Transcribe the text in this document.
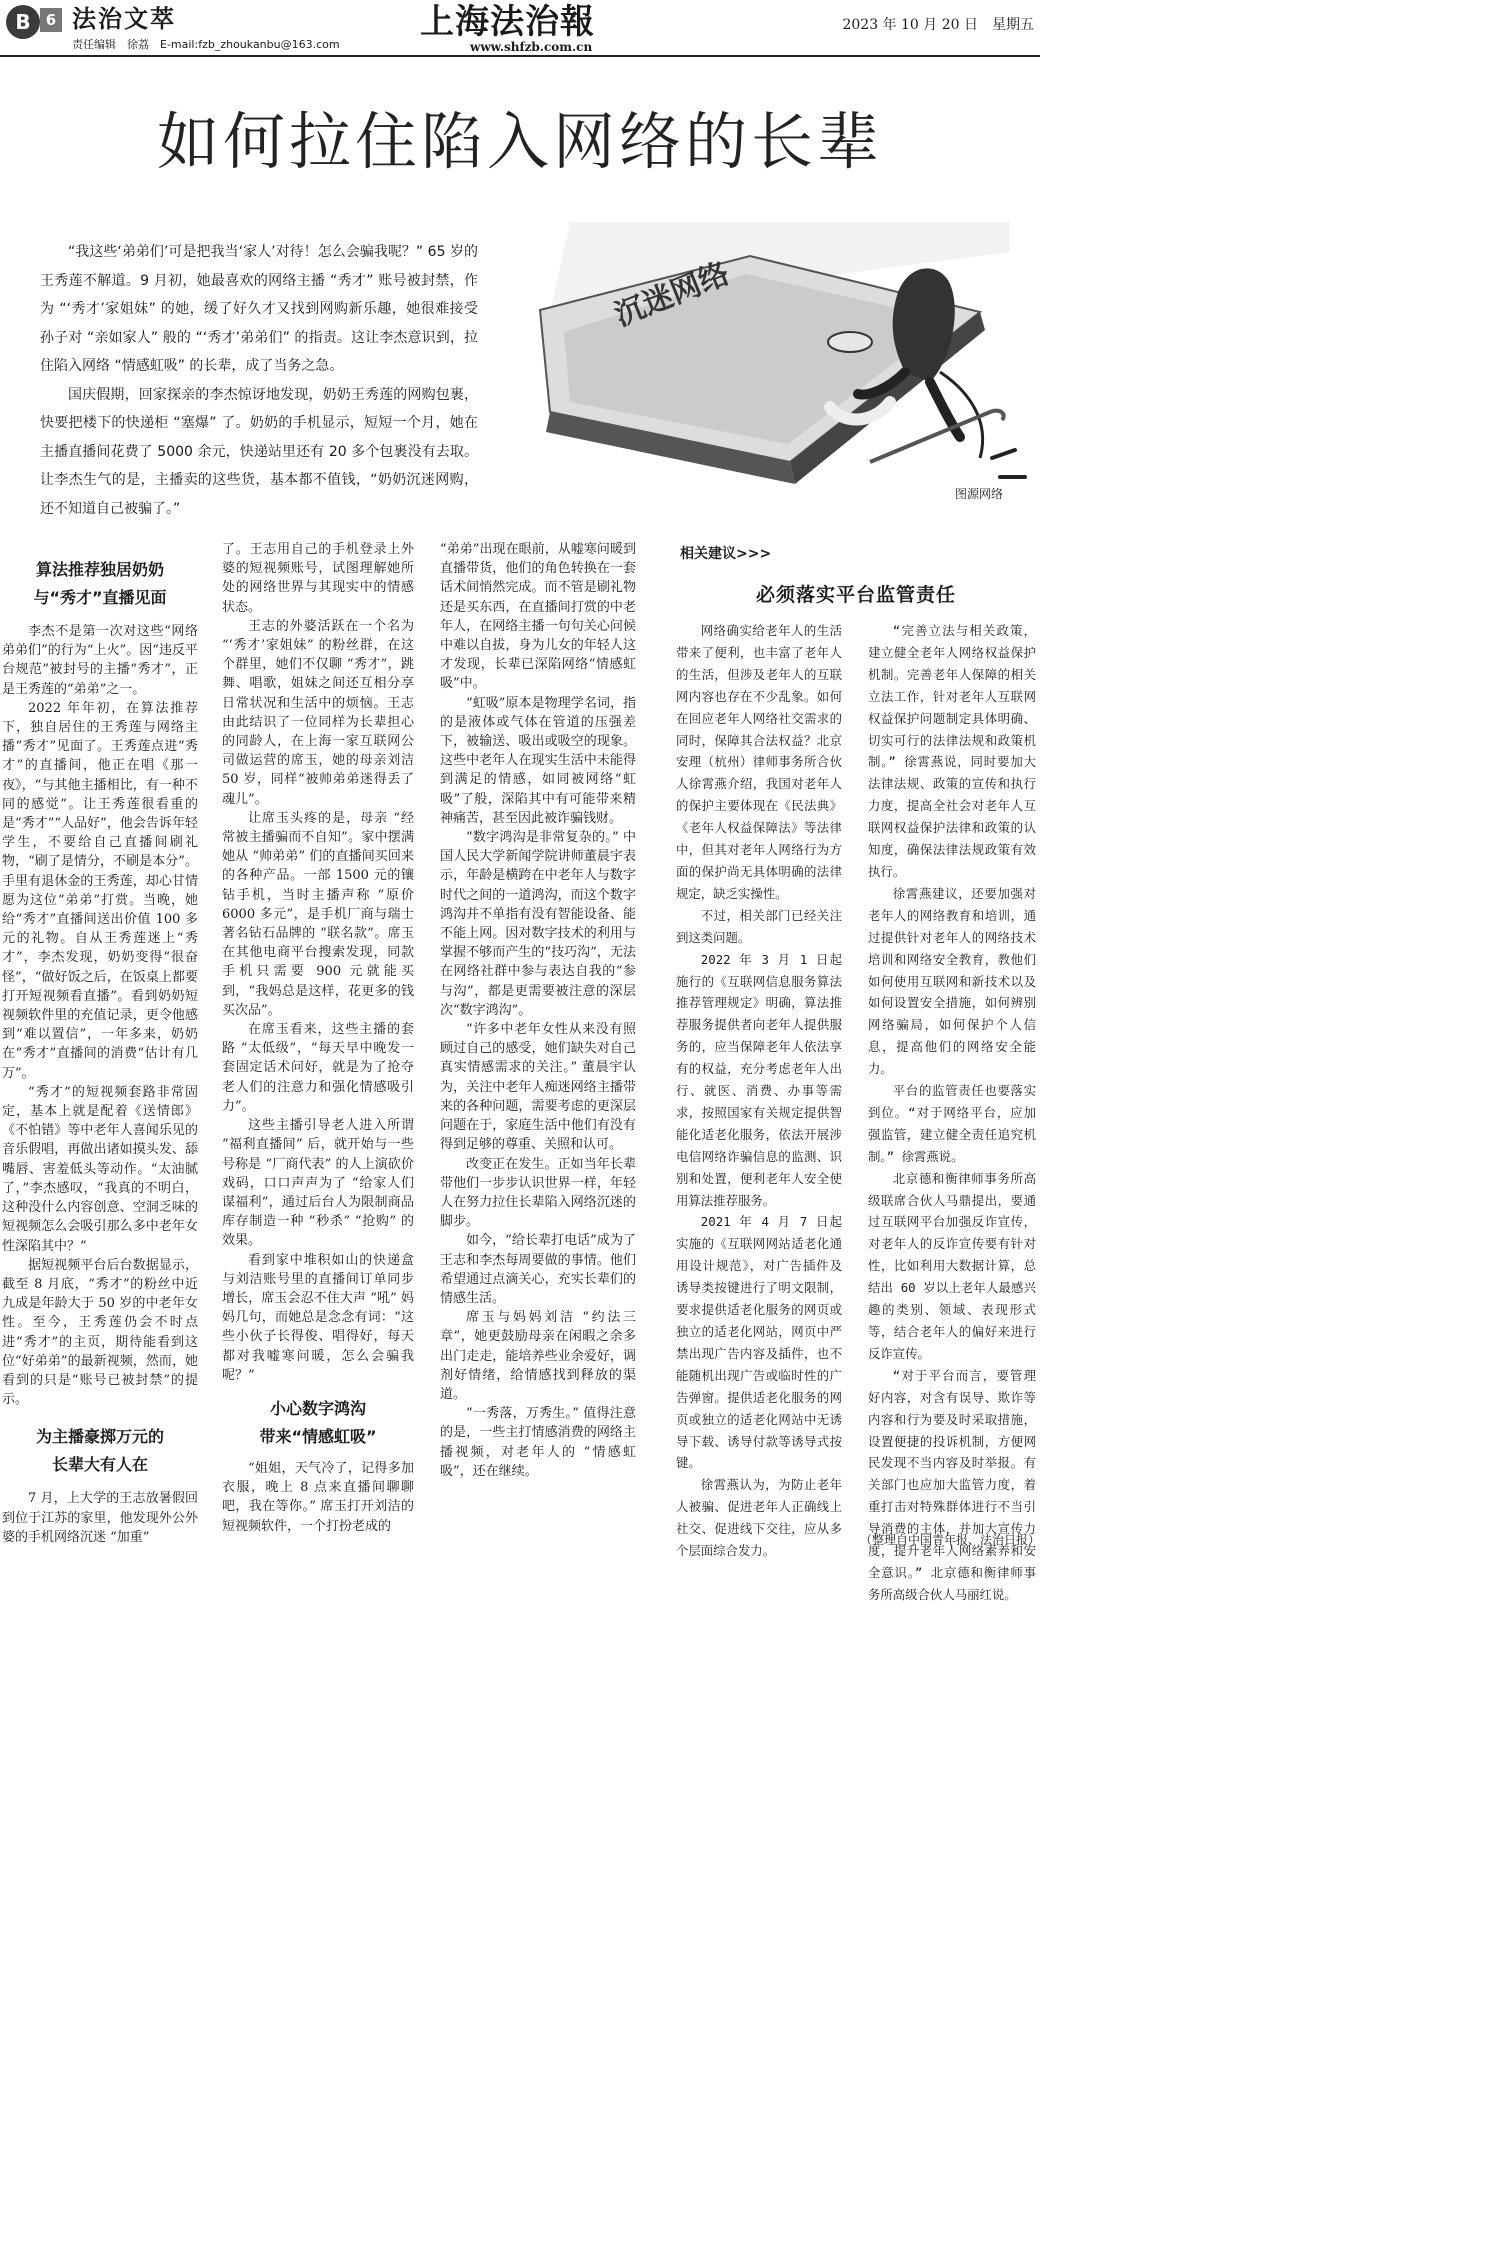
B	6 法治文萃
责任编辑　徐荔　E-mail:fzb_zhoukanbu@163.com
上海法治報
www.shfzb.com.cn
2023 年 10 月 20 日　星期五
如何拉住陷入网络的长辈

“我这些‘弟弟们’可是把我当‘家人’对待！怎么会骗我呢？” 65 岁的王秀莲不解道。9 月初，她最喜欢的网络主播 “秀才” 账号被封禁，作为 “‘秀才’家姐妹” 的她，缓了好久才又找到网购新乐趣，她很难接受孙子对 “亲如家人” 般的 “‘秀才’弟弟们” 的指责。这让李杰意识到，拉住陷入网络 “情感虹吸” 的长辈，成了当务之急。

国庆假期，回家探亲的李杰惊讶地发现，奶奶王秀莲的网购包裹，快要把楼下的快递柜 “塞爆” 了。奶奶的手机显示，短短一个月，她在主播直播间花费了 5000 余元，快递站里还有 20 多个包裹没有去取。让李杰生气的是，主播卖的这些货，基本都不值钱，“奶奶沉迷网购，还不知道自己被骗了。”

沉迷网络
图源网络
算法推荐独居奶奶
与“秀才”直播见面

李杰不是第一次对这些“网络弟弟们”的行为“上火”。因“违反平台规范”被封号的主播“秀才”，正是王秀莲的“弟弟”之一。

2022 年年初，在算法推荐下，独自居住的王秀莲与网络主播“秀才”见面了。王秀莲点进“秀才”的直播间，他正在唱《那一夜》，“与其他主播相比，有一种不同的感觉”。让王秀莲很看重的是“秀才”“人品好”，他会告诉年轻学生，不要给自己直播间刷礼物，“刷了是情分，不刷是本分”。手里有退休金的王秀莲，却心甘情愿为这位“弟弟”打赏。当晚，她给“秀才”直播间送出价值 100 多元的礼物。自从王秀莲迷上“秀才”，李杰发现，奶奶变得“很奋怪”，“做好饭之后，在饭桌上都要打开短视频看直播”。看到奶奶短视频软件里的充值记录，更令他感到“难以置信”，一年多来，奶奶在“秀才”直播间的消费“估计有几万”。

“秀才”的短视频套路非常固定，基本上就是配着《送情郎》《不怕错》等中老年人喜闻乐见的音乐假唱，再做出诸如摸头发、舔嘴唇、害羞低头等动作。“太油腻了，”李杰感叹，“我真的不明白，这种没什么内容创意、空洞乏味的短视频怎么会吸引那么多中老年女性深陷其中？”

据短视频平台后台数据显示，截至 8 月底，“秀才”的粉丝中近九成是年龄大于 50 岁的中老年女性。至今，王秀莲仍会不时点进“秀才”的主页，期待能看到这位“好弟弟”的最新视频，然而，她看到的只是“账号已被封禁”的提示。

为主播豪掷万元的
长辈大有人在

7 月，上大学的王志放暑假回到位于江苏的家里，他发现外公外婆的手机网络沉迷 “加重”

了。王志用自己的手机登录上外婆的短视频账号，试图理解她所处的网络世界与其现实中的情感状态。

王志的外婆活跃在一个名为 “‘秀才’家姐妹” 的粉丝群，在这个群里，她们不仅聊 “秀才”，跳舞、唱歌，姐妹之间还互相分享日常状况和生活中的烦恼。王志由此结识了一位同样为长辈担心的同龄人，在上海一家互联网公司做运营的席玉，她的母亲刘洁 50 岁，同样“被帅弟弟迷得丢了魂儿”。

让席玉头疼的是，母亲 “经常被主播骗而不自知”。家中摆满她从 “帅弟弟” 们的直播间买回来的各种产品。一部 1500 元的镶钻手机，当时主播声称 “原价 6000 多元”，是手机厂商与瑞士著名钻石品牌的 “联名款”。席玉在其他电商平台搜索发现，同款手机只需要 900 元就能买到，“我妈总是这样，花更多的钱买次品”。

在席玉看来，这些主播的套路 “太低级”，“每天早中晚发一套固定话术问好，就是为了抢夺老人们的注意力和强化情感吸引力”。

这些主播引导老人进入所谓 “福利直播间” 后，就开始与一些号称是 “厂商代表” 的人上演砍价戏码，口口声声为了 “给家人们谋福利”，通过后台人为限制商品库存制造一种 “秒杀” “抢购” 的效果。

看到家中堆积如山的快递盒与刘洁账号里的直播间订单同步增长，席玉会忍不住大声 “吼” 妈妈几句，而她总是念念有词：“这些小伙子长得俊、唱得好，每天都对我嘘寒问暖，怎么会骗我呢？”

小心数字鸿沟
带来“情感虹吸”

“姐姐，天气冷了，记得多加衣服，晚上 8 点来直播间聊聊吧，我在等你。” 席玉打开刘洁的短视频软件，一个打扮老成的

“弟弟”出现在眼前，从嘘寒问暖到直播带货，他们的角色转换在一套话术间悄然完成。而不管是刷礼物还是买东西，在直播间打赏的中老年人，在网络主播一句句关心问候中难以自拔，身为儿女的年轻人这才发现，长辈已深陷网络“情感虹吸”中。

“虹吸”原本是物理学名词，指的是液体或气体在管道的压强差下，被输送、吸出或吸空的现象。这些中老年人在现实生活中未能得到满足的情感，如同被网络“虹吸”了般，深陷其中有可能带来精神痛苦，甚至因此被诈骗钱财。

“数字鸿沟是非常复杂的。” 中国人民大学新闻学院讲师董晨宇表示，年龄是横跨在中老年人与数字时代之间的一道鸿沟，而这个数字鸿沟并不单指有没有智能设备、能不能上网。因对数字技术的利用与掌握不够而产生的“技巧沟”，无法在网络社群中参与表达自我的“参与沟”，都是更需要被注意的深层次“数字鸿沟”。

“许多中老年女性从来没有照顾过自己的感受，她们缺失对自己真实情感需求的关注。” 董晨宇认为，关注中老年人痴迷网络主播带来的各种问题，需要考虑的更深层问题在于，家庭生活中他们有没有得到足够的尊重、关照和认可。

改变正在发生。正如当年长辈带他们一步步认识世界一样，年轻人在努力拉住长辈陷入网络沉迷的脚步。

如今，“给长辈打电话”成为了王志和李杰每周要做的事情。他们希望通过点滴关心，充实长辈们的情感生活。

席玉与妈妈刘洁 “约法三章”，她更鼓励母亲在闲暇之余多出门走走，能培养些业余爱好，调剂好情绪，给情感找到释放的渠道。

“一秀落，万秀生。” 值得注意的是，一些主打情感消费的网络主播视频，对老年人的 “情感虹吸”，还在继续。

相关建议>>>
必须落实平台监管责任

网络确实给老年人的生活带来了便利，也丰富了老年人的生活，但涉及老年人的互联网内容也存在不少乱象。如何在回应老年人网络社交需求的同时，保障其合法权益？北京安理（杭州）律师事务所合伙人徐霄燕介绍，我国对老年人的保护主要体现在《民法典》《老年人权益保障法》等法律中，但其对老年人网络行为方面的保护尚无具体明确的法律规定，缺乏实操性。

不过，相关部门已经关注到这类问题。

2022 年 3 月 1 日起施行的《互联网信息服务算法推荐管理规定》明确，算法推荐服务提供者向老年人提供服务的，应当保障老年人依法享有的权益，充分考虑老年人出行、就医、消费、办事等需求，按照国家有关规定提供智能化适老化服务，依法开展涉电信网络诈骗信息的监测、识别和处置，便利老年人安全使用算法推荐服务。

2021 年 4 月 7 日起实施的《互联网网站适老化通用设计规范》，对广告插件及诱导类按键进行了明文限制，要求提供适老化服务的网页或独立的适老化网站，网页中严禁出现广告内容及插件，也不能随机出现广告或临时性的广告弹窗。提供适老化服务的网页或独立的适老化网站中无诱导下载、诱导付款等诱导式按键。

徐霄燕认为，为防止老年人被骗、促进老年人正确线上社交、促进线下交往，应从多个层面综合发力。

“完善立法与相关政策，建立健全老年人网络权益保护机制。完善老年人保障的相关立法工作，针对老年人互联网权益保护问题制定具体明确、切实可行的法律法规和政策机制。” 徐霄燕说，同时要加大法律法规、政策的宣传和执行力度，提高全社会对老年人互联网权益保护法律和政策的认知度，确保法律法规政策有效执行。

徐霄燕建议，还要加强对老年人的网络教育和培训，通过提供针对老年人的网络技术培训和网络安全教育，教他们如何使用互联网和新技术以及如何设置安全措施，如何辨别网络骗局，如何保护个人信息，提高他们的网络安全能力。

平台的监管责任也要落实到位。“对于网络平台，应加强监管，建立健全责任追究机制。” 徐霄燕说。

北京德和衡律师事务所高级联席合伙人马鼎提出，要通过互联网平台加强反诈宣传，对老年人的反诈宣传要有针对性，比如利用大数据计算，总结出 60 岁以上老年人最感兴趣的类别、领域、表现形式等，结合老年人的偏好来进行反诈宣传。

“对于平台而言，要管理好内容，对含有误导、欺诈等内容和行为要及时采取措施，设置便捷的投诉机制，方便网民发现不当内容及时举报。有关部门也应加大监管力度，着重打击对特殊群体进行不当引导消费的主体，并加大宣传力度，提升老年人网络素养和安全意识。” 北京德和衡律师事务所高级合伙人马丽红说。

（整理自中国青年报、法治日报）
